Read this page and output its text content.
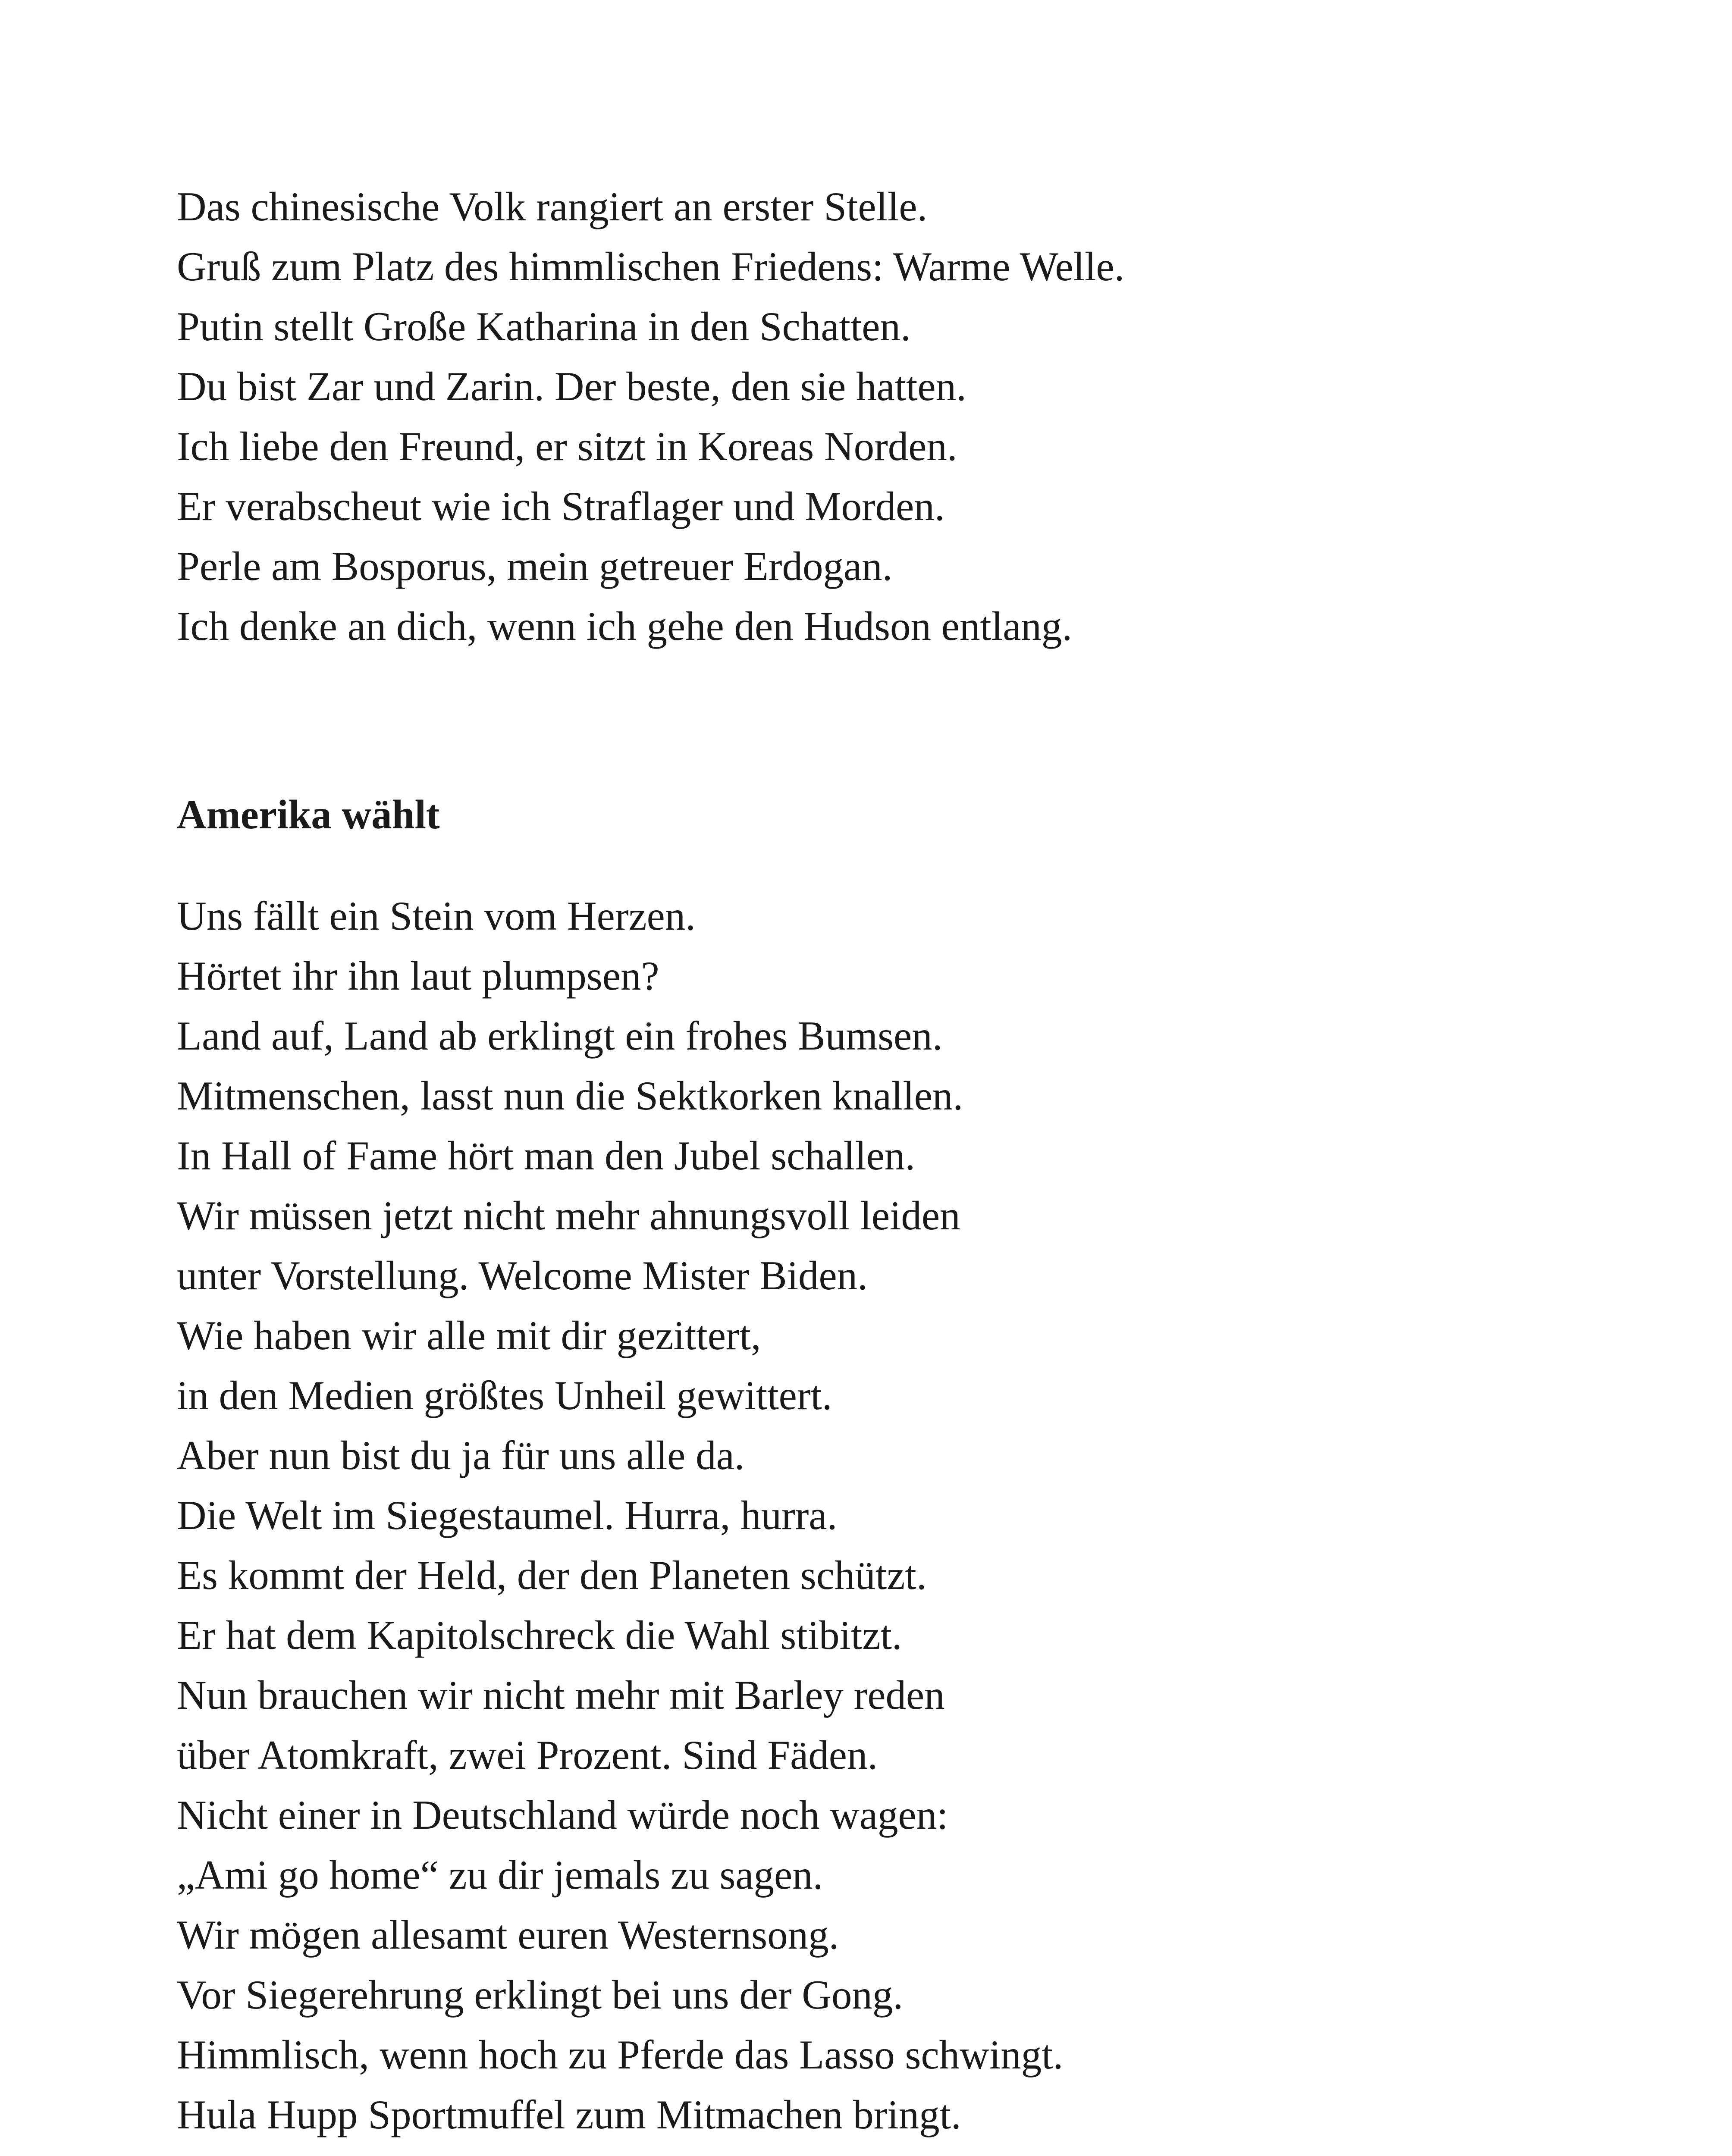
Das chinesische Volk rangiert an erster Stelle.
Gruß zum Platz des himmlischen Friedens: Warme Welle.
Putin stellt Große Katharina in den Schatten.
Du bist Zar und Zarin. Der beste, den sie hatten.
Ich liebe den Freund, er sitzt in Koreas Norden.
Er verabscheut wie ich Straflager und Morden.
Perle am Bosporus, mein getreuer Erdogan.
Ich denke an dich, wenn ich gehe den Hudson entlang.
Amerika wählt
Uns fällt ein Stein vom Herzen.
Hörtet ihr ihn laut plumpsen?
Land auf, Land ab erklingt ein frohes Bumsen.
Mitmenschen, lasst nun die Sektkorken knallen.
In Hall of Fame hört man den Jubel schallen.
Wir müssen jetzt nicht mehr ahnungsvoll leiden
unter Vorstellung. Welcome Mister Biden.
Wie haben wir alle mit dir gezittert,
in den Medien größtes Unheil gewittert.
Aber nun bist du ja für uns alle da.
Die Welt im Siegestaumel. Hurra, hurra.
Es kommt der Held, der den Planeten schützt.
Er hat dem Kapitolschreck die Wahl stibitzt.
Nun brauchen wir nicht mehr mit Barley reden
über Atomkraft, zwei Prozent. Sind Fäden.
Nicht einer in Deutschland würde noch wagen:
„Ami go home“ zu dir jemals zu sagen.
Wir mögen allesamt euren Westernsong.
Vor Siegerehrung erklingt bei uns der Gong.
Himmlisch, wenn hoch zu Pferde das Lasso schwingt.
Hula Hupp Sportmuffel zum Mitmachen bringt.
